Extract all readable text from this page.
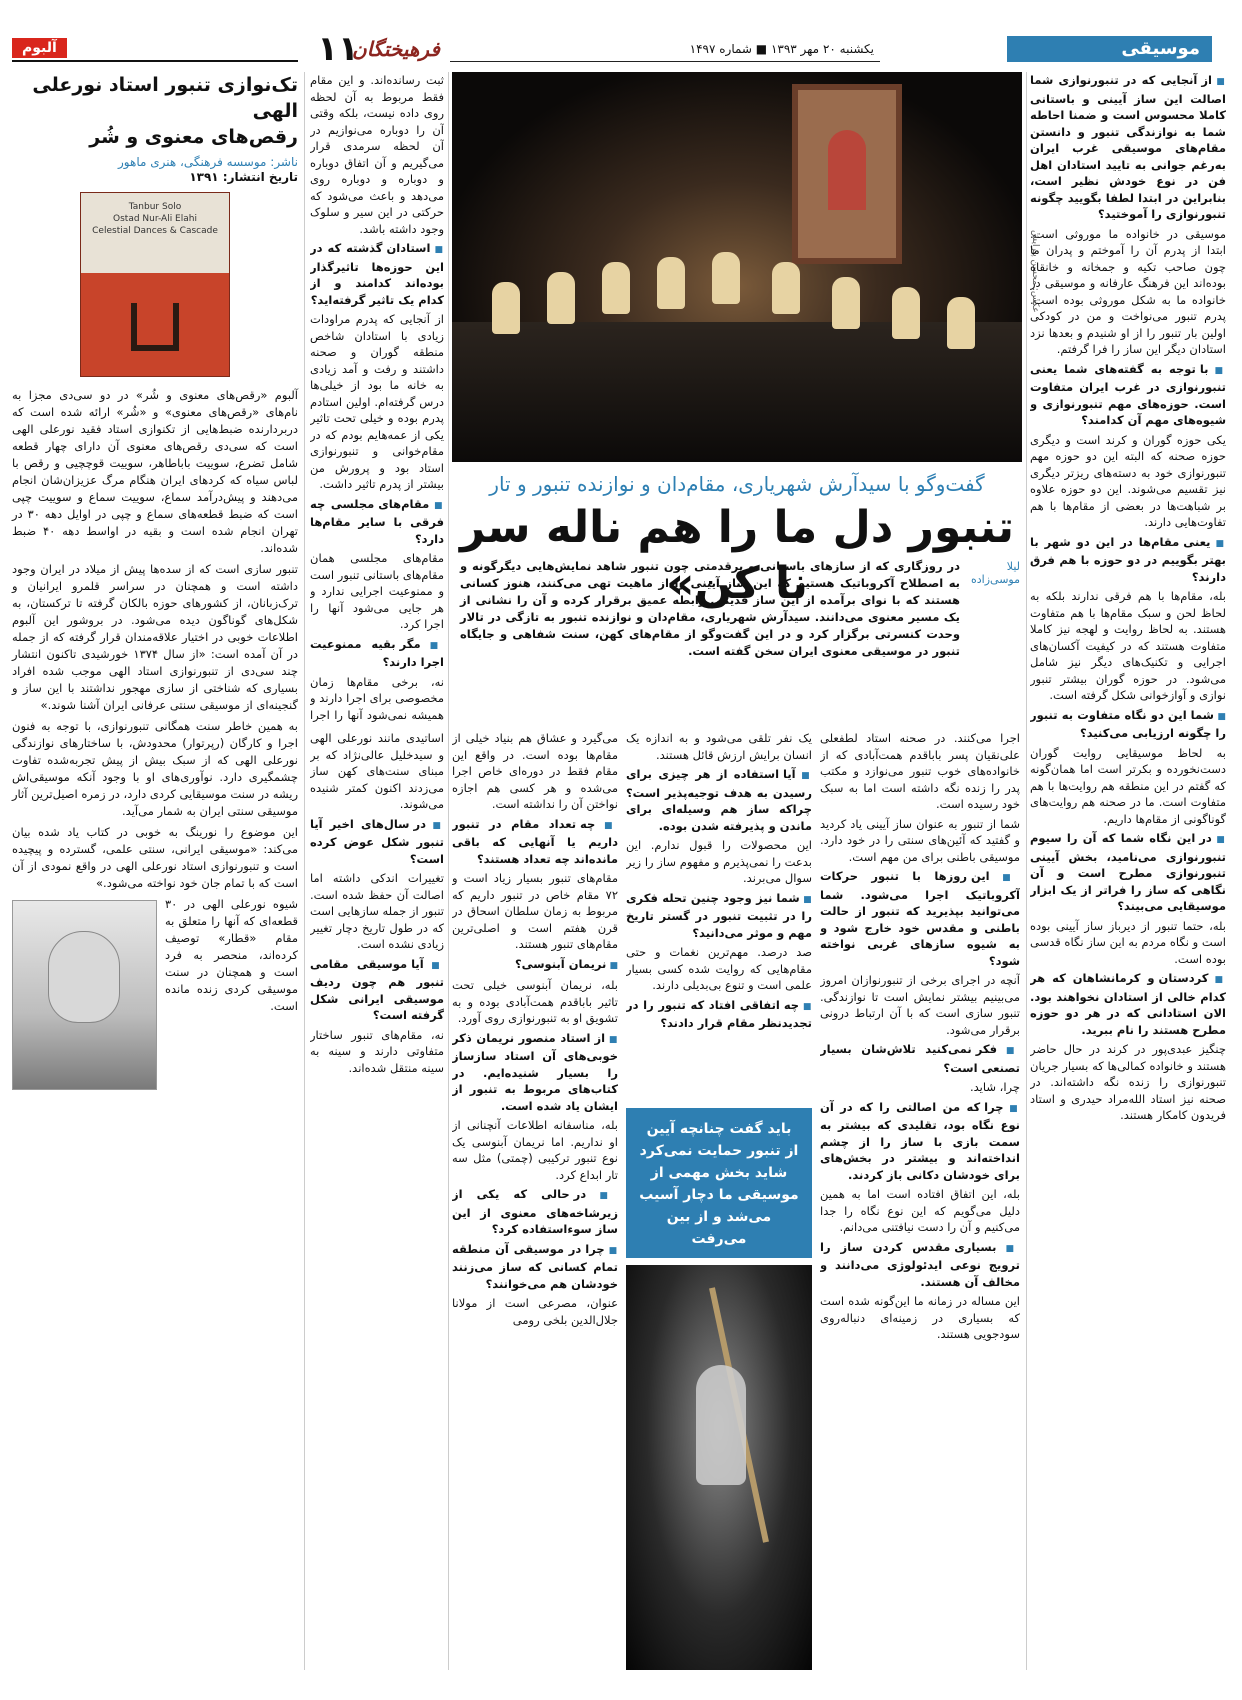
موسیقی
یکشنبه ۲۰ مهر ۱۳۹۳ ■ شماره ۱۴۹۷
فرهیختگان
۱۱
آلبوم
تک‌نوازی تنبور استاد نورعلی الهی
رقص‌های معنوی و شُر
ناشر: موسسه فرهنگی، هنری ماهور
تاریخ انتشار: ۱۳۹۱
Tanbur Solo
Ostad Nur-Ali Elahi
Celestial Dances & Cascade

آلبوم «رقص‌های معنوی و شُر» در دو سی‌دی مجزا به نام‌های «رقص‌های معنوی» و «شُر» ارائه شده است که دربردارنده ضبط‌هایی از تکنوازی استاد فقید نورعلی الهی است که سی‌دی رقص‌های معنوی آن دارای چهار قطعه شامل تضرع، سوییت باباطاهر، سوییت قوچچیی و رقص با لباس سیاه که کردهای ایران هنگام مرگ عزیزان‌شان انجام می‌دهند و پیش‌درآمد سماع، سوییت سماع و سوییت چپی است که ضبط قطعه‌های سماع و چپی در اوایل دهه ۳۰ در تهران انجام شده است و بقیه در اواسط دهه ۴۰ ضبط شده‌اند.

تنبور سازی است که از سده‌ها پیش از میلاد در ایران وجود داشته است و همچنان در سراسر قلمرو ایرانیان و ترک‌زبانان، از کشورهای حوزه بالکان گرفته تا ترکستان، به شکل‌های گوناگون دیده می‌شود. در بروشور این آلبوم اطلاعات خوبی در اختیار علاقه‌مندان قرار گرفته که از جمله در آن آمده است: «از سال ۱۳۷۴ خورشیدی تاکنون انتشار چند سی‌دی از تنبورنوازی استاد الهی موجب شده افراد بسیاری که شناختی از سازی مهجور نداشتند با این ساز و گنجینه‌ای از موسیقی سنتی عرفانی ایران آشنا شوند.»

به همین خاطر سنت همگانی تنبورنوازی، با توجه به فنون اجرا و کارگان (رپرتوار) محدودش، با ساختارهای نوازندگی نورعلی الهی که از سبک بیش از پیش تجربه‌شده تفاوت چشمگیری دارد. نوآوری‌های او با وجود آنکه موسیقی‌اش ریشه در سنت موسیقایی کردی دارد، در زمره اصیل‌ترین آثار موسیقی سنتی ایران به شمار می‌آید.

این موضوع را نورینگ به خوبی در کتاب یاد شده بیان می‌کند: «موسیقی ایرانی، سنتی علمی، گسترده و پیچیده است و تنبورنوازی استاد نورعلی الهی در واقع نمودی از آن است که با تمام جان خود نواخته می‌شود.»

شیوه نورعلی الهی در ۳۰ قطعه‌ای که آنها را متعلق به مقام «قطار» توصیف کرده‌اند، منحصر به فرد است و همچنان در سنت موسیقی کردی زنده مانده است.

عکس: محسن پیرایش
گفت‌وگو با سیدآرش شهریاری، مقام‌دان و نوازنده تنبور و تار
تنبور دل ما را هم ناله سر نا کن»	لیلا موسی‌زاده
در روزگاری که از سازهای باستانی و پرقدمتی چون تنبور شاهد نمایش‌هایی دیگرگونه و به اصطلاح آکروباتیک هستیم که این ساز آیینی را از ماهیت تهی می‌کنند، هنوز کسانی هستند که با نوای برآمده از این ساز قدیمی رابطه عمیق برقرار کرده و آن را نشانی از یک مسیر معنوی می‌دانند. سیدآرش شهریاری، مقام‌دان و نوازنده تنبور به تازگی در تالار وحدت کنسرتی برگزار کرد و در این گفت‌وگو از مقام‌های کهن، سنت شفاهی و جایگاه تنبور در موسیقی معنوی ایران سخن گفته است.

■ از آنجایی که در تنبورنوازی شما اصالت این ساز آیینی و باستانی کاملا محسوس است و ضمنا احاطه شما به نوازندگی تنبور و دانستن مقام‌های موسیقی غرب ایران به‌رغم جوانی به تایید استادان اهل فن در نوع خودش نظیر است، بنابراین در ابتدا لطفا بگویید چگونه تنبورنوازی را آموختید؟

موسیقی در خانواده ما موروثی است. ابتدا از پدرم آن را آموختم و پدران ما چون صاحب تکیه و جمخانه و خانقاه بوده‌اند این فرهنگ عارفانه و موسیقی در خانواده ما به شکل موروثی بوده است. پدرم تنبور می‌نواخت و من در کودکی اولین بار تنبور را از او شنیدم و بعدها نزد استادان دیگر این ساز را فرا گرفتم.

■ با توجه به گفته‌های شما یعنی تنبورنوازی در غرب ایران متفاوت است. حوزه‌های مهم تنبورنوازی و شیوه‌های مهم آن کدامند؟

یکی حوزه گوران و کرند است و دیگری حوزه صحنه که البته این دو حوزه مهم تنبورنوازی خود به دسته‌های ریزتر دیگری نیز تقسیم می‌شوند. این دو حوزه علاوه بر شباهت‌ها در بعضی از مقام‌ها با هم تفاوت‌هایی دارند.

■ یعنی مقام‌ها در این دو شهر با بهتر بگوییم در دو حوزه با هم فرق دارند؟

بله، مقام‌ها با هم فرقی ندارند بلکه به لحاظ لحن و سبک مقام‌ها با هم متفاوت هستند. به لحاظ روایت و لهجه نیز کاملا متفاوت هستند که در کیفیت آکسان‌های اجرایی و تکنیک‌های دیگر نیز شامل می‌شود. در حوزه گوران بیشتر تنبور نوازی و آوازخوانی شکل گرفته است.

■ شما این دو نگاه متفاوت به تنبور را چگونه ارزیابی می‌کنید؟

به لحاظ موسیقایی روایت گوران دست‌نخورده و بکرتر است اما همان‌گونه که گفتم در این منطقه هم روایت‌ها با هم متفاوت است. ما در صحنه هم روایت‌های گوناگونی از مقام‌ها داریم.

■ در این نگاه شما که آن را سیوم تنبورنوازی می‌نامید، بخش آیینی تنبورنوازی مطرح است و آن نگاهی که ساز را فراتر از یک ابزار موسیقایی می‌بیند؟

بله، حتما تنبور از دیرباز ساز آیینی بوده است و نگاه مردم به این ساز نگاه قدسی بوده است.

■ کردستان و کرمانشاهان که هر کدام خالی از استادان نخواهند بود. الان استادانی که در هر دو حوزه مطرح هستند را نام ببرید.

چنگیز عبدی‌پور در کرند در حال حاضر هستند و خانواده کمالی‌ها که بسیار جریان تنبورنوازی را زنده نگه داشته‌اند. در صحنه نیز استاد الله‌مراد حیدری و استاد فریدون کامکار هستند.

ثبت رسانده‌اند. و این مقام فقط مربوط به آن لحظه روی داده نیست، بلکه وقتی آن را دوباره می‌نوازیم در آن لحظه سرمدی قرار می‌گیریم و آن اتفاق دوباره و دوباره و دوباره روی می‌دهد و باعث می‌شود که حرکتی در این سیر و سلوک وجود داشته باشد.

■ استادان گذشته که در این حوزه‌ها تاثیرگذار بوده‌اند کدامند و از کدام یک تاثیر گرفته‌اید؟

از آنجایی که پدرم مراودات زیادی با استادان شاخص منطقه گوران و صحنه داشتند و رفت و آمد زیادی به خانه ما بود از خیلی‌ها درس گرفته‌ام. اولین استادم پدرم بوده و خیلی تحت تاثیر یکی از عمه‌هایم بودم که در مقام‌خوانی و تنبورنوازی استاد بود و پرورش من بیشتر از پدرم تاثیر داشت.

■ مقام‌های مجلسی چه فرقی با سایر مقام‌ها دارد؟

مقام‌های مجلسی همان مقام‌های باستانی تنبور است و ممنوعیت اجرایی ندارد و هر جایی می‌شود آنها را اجرا کرد.

■ مگر بقیه ممنوعیت اجرا دارند؟

نه، برخی مقام‌ها زمان مخصوصی برای اجرا دارند و همیشه نمی‌شود آنها را اجرا

اجرا می‌کنند. در صحنه استاد لطفعلی علی‌نقیان پسر باباقدم همت‌آبادی که از خانواده‌های خوب تنبور می‌نوازد و مکتب پدر را زنده نگه داشته است اما به سبک خود رسیده است.

شما از تنبور به عنوان ساز آیینی یاد کردید و گفتید که آئین‌های سنتی را در خود دارد. موسیقی باطنی برای من مهم است.

■ این روزها با تنبور حرکات آکروباتیک اجرا می‌شود. شما می‌توانید بپذیرید که تنبور از حالت باطنی و مقدس خود خارج شود و به شیوه سازهای غربی نواخته شود؟

آنچه در اجرای برخی از تنبورنوازان امروز می‌بینیم بیشتر نمایش است تا نوازندگی. تنبور سازی است که با آن ارتباط درونی برقرار می‌شود.

■ فکر نمی‌کنید تلاش‌شان بسیار تصنعی است؟

چرا، شاید.

■ چرا که من اصالتی را که در آن نوع نگاه بود، تقلیدی که بیشتر به سمت بازی با ساز را از چشم انداخته‌اند و بیشتر در بخش‌های برای خودشان دکانی باز کردند.

بله، این اتفاق افتاده است اما به همین دلیل می‌گویم که این نوع نگاه را جدا می‌کنیم و آن را دست نیافتنی می‌دانم.

■ بسیاری مقدس کردن ساز را ترویج نوعی ایدئولوژی می‌دانند و مخالف آن هستند.

این مساله در زمانه ما این‌گونه شده است که بسیاری در زمینه‌ای دنباله‌روی سودجویی هستند.

یک نفر تلقی می‌شود و به اندازه یک انسان برایش ارزش قائل هستند.

■ آیا استفاده از هر چیزی برای رسیدن به هدف توجیه‌پذیر است؟ چراکه ساز هم وسیله‌ای برای ماندن و پذیرفته شدن بوده.

این محصولات را قبول ندارم. این بدعت را نمی‌پذیرم و مفهوم ساز را زیر سوال می‌برند.

■ شما نیز وجود چنین تحله فکری را در تثبیت تنبور در گستر تاریخ مهم و موثر می‌دانید؟

صد درصد. مهم‌ترین نغمات و حتی مقام‌هایی که روایت شده کسی بسیار علمی است و تنوع بی‌بدیلی دارند.

■ چه اتفاقی افتاد که تنبور را در تجدیدنظر مقام قرار دادند؟

می‌گیرد و عشاق هم بنیاد خیلی از مقام‌ها بوده است. در واقع این مقام فقط در دوره‌ای خاص اجرا می‌شده و هر کسی هم اجازه نواختن آن را نداشته است.

■ چه تعداد مقام در تنبور داریم یا آنهایی که باقی مانده‌اند چه تعداد هستند؟

مقام‌های تنبور بسیار زیاد است و ۷۲ مقام خاص در تنبور داریم که مربوط به زمان سلطان اسحاق در قرن هفتم است و اصلی‌ترین مقام‌های تنبور هستند.

■ نریمان آبنوسی؟

بله، نریمان آبنوسی خیلی تحت تاثیر باباقدم همت‌آبادی بوده و به تشویق او به تنبورنوازی روی آورد.

■ از استاد منصور نریمان ذکر خوبی‌های آن استاد سازساز را بسیار شنیده‌ایم. در کتاب‌های مربوط به تنبور از ایشان یاد شده است.

بله، مناسفانه اطلاعات آنچنانی از او نداریم. اما نریمان آبنوسی یک نوع تنبور ترکیبی (چمتی) مثل سه تار ابداع کرد.

■ در حالی که یکی از زیرشاخه‌های معنوی از این ساز سوءاستفاده کرد؟

■ چرا در موسیقی آن منطقه تمام کسانی که ساز می‌زنند خودشان هم می‌خوانند؟

عنوان، مصرعی است از مولانا جلال‌الدین بلخی رومی

اساتیدی مانند نورعلی الهی و سیدخلیل عالی‌نژاد که بر مبنای سنت‌های کهن ساز می‌زدند اکنون کمتر شنیده می‌شوند.

■ در سال‌های اخیر آیا تنبور شکل عوض کرده است؟

تغییرات اندکی داشته اما اصالت آن حفظ شده است. تنبور از جمله سازهایی است که در طول تاریخ دچار تغییر زیادی نشده است.

■ آیا موسیقی مقامی تنبور هم چون ردیف موسیقی ایرانی شکل گرفته است؟

نه، مقام‌های تنبور ساختار متفاوتی دارند و سینه به سینه منتقل شده‌اند.

باید گفت چنانچه آیین از تنبور حمایت نمی‌کرد شاید بخش مهمی از موسیقی ما دچار آسیب می‌شد و از بین می‌رفت
